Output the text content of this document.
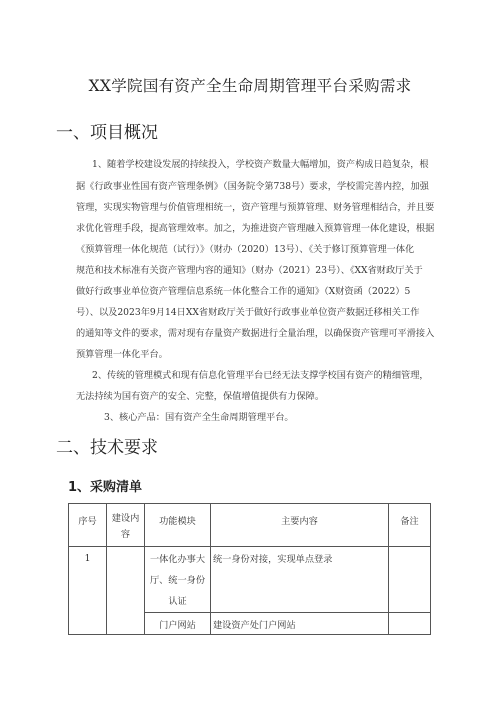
XX学院国有资产全生命周期管理平台采购需求
一、项目概况
1、随着学校建设发展的持续投入，学校资产数量大幅增加，资产构成日趋复杂，根
据《行政事业性国有资产管理条例》（国务院令第738号）要求，学校需完善内控，加强
管理，实现实物管理与价值管理相统一，资产管理与预算管理、财务管理相结合，并且要
求优化管理手段，提高管理效率。加之，为推进资产管理融入预算管理一体化建设，根据
《预算管理一体化规范（试行）》（财办（2020）13号）、《关于修订预算管理一体化
规范和技术标准有关资产管理内容的通知》（财办（2021）23号）、《XX省财政厅关于
做好行政事业单位资产管理信息系统一体化整合工作的通知》（X财资函（2022）5
号）、以及2023年9月14日XX省财政厅关于做好行政事业单位资产数据迁移相关工作
的通知等文件的要求，需对现有存量资产数据进行全量治理，以确保资产管理可平滑接入
预算管理一体化平台。
2、传统的管理模式和现有信息化管理平台已经无法支撑学校国有资产的精细管理，
无法持续为国有资产的安全、完整，保值增值提供有力保障。
3、核心产品：国有资产全生命周期管理平台。
二、技术要求
1、采购清单
序号	建设内
容	功能模块	主要内容	备注
1		一体化办事大
厅、统一身份
认证	统一身份对接，实现单点登录	
		门户网站	建设资产处门户网站	
